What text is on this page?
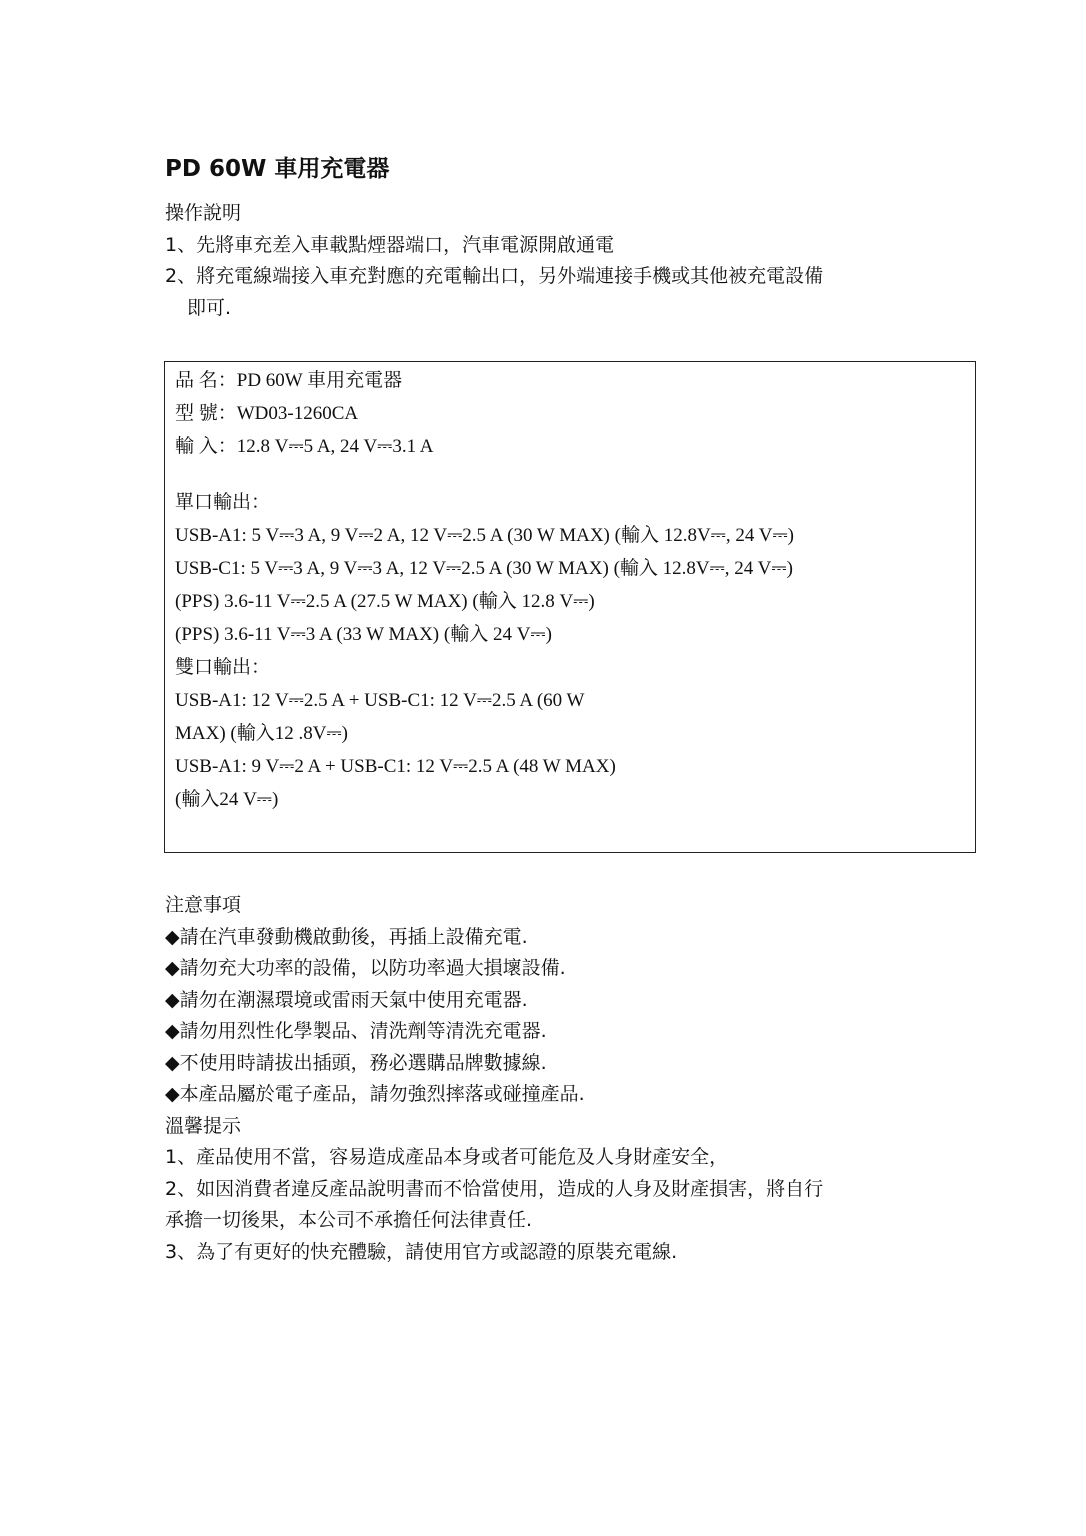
PD 60W 車用充電器
操作說明
1、先將車充差入車載點煙器端口，汽車電源開啟通電
2、將充電線端接入車充對應的充電輸出口，另外端連接手機或其他被充電設備
即可.
品 名：PD 60W 車用充電器
型 號：WD03-1260CA
輸 入：12.8 V⎓5 A, 24 V⎓3.1 A
單口輸出：
USB-A1: 5 V⎓3 A, 9 V⎓2 A, 12 V⎓2.5 A (30 W MAX) (輸入 12.8V⎓, 24 V⎓)
USB-C1: 5 V⎓3 A, 9 V⎓3 A, 12 V⎓2.5 A (30 W MAX) (輸入 12.8V⎓, 24 V⎓)
(PPS) 3.6-11 V⎓2.5 A (27.5 W MAX) (輸入 12.8 V⎓)
(PPS) 3.6-11 V⎓3 A (33 W MAX) (輸入 24 V⎓)
雙口輸出：
USB-A1: 12 V⎓2.5 A + USB-C1: 12 V⎓2.5 A (60 W
MAX) (輸入12 .8V⎓)
USB-A1: 9 V⎓2 A + USB-C1: 12 V⎓2.5 A (48 W MAX)
(輸入24 V⎓)
注意事項
◆請在汽車發動機啟動後，再插上設備充電.
◆請勿充大功率的設備，以防功率過大損壞設備.
◆請勿在潮濕環境或雷雨天氣中使用充電器.
◆請勿用烈性化學製品、清洗劑等清洗充電器.
◆不使用時請拔出插頭，務必選購品牌數據線.
◆本產品屬於電子產品，請勿強烈摔落或碰撞產品.
溫馨提示
1、產品使用不當，容易造成產品本身或者可能危及人身財產安全，
2、如因消費者違反產品說明書而不恰當使用，造成的人身及財產損害，將自行
承擔一切後果，本公司不承擔任何法律責任.
3、為了有更好的快充體驗，請使用官方或認證的原裝充電線.
